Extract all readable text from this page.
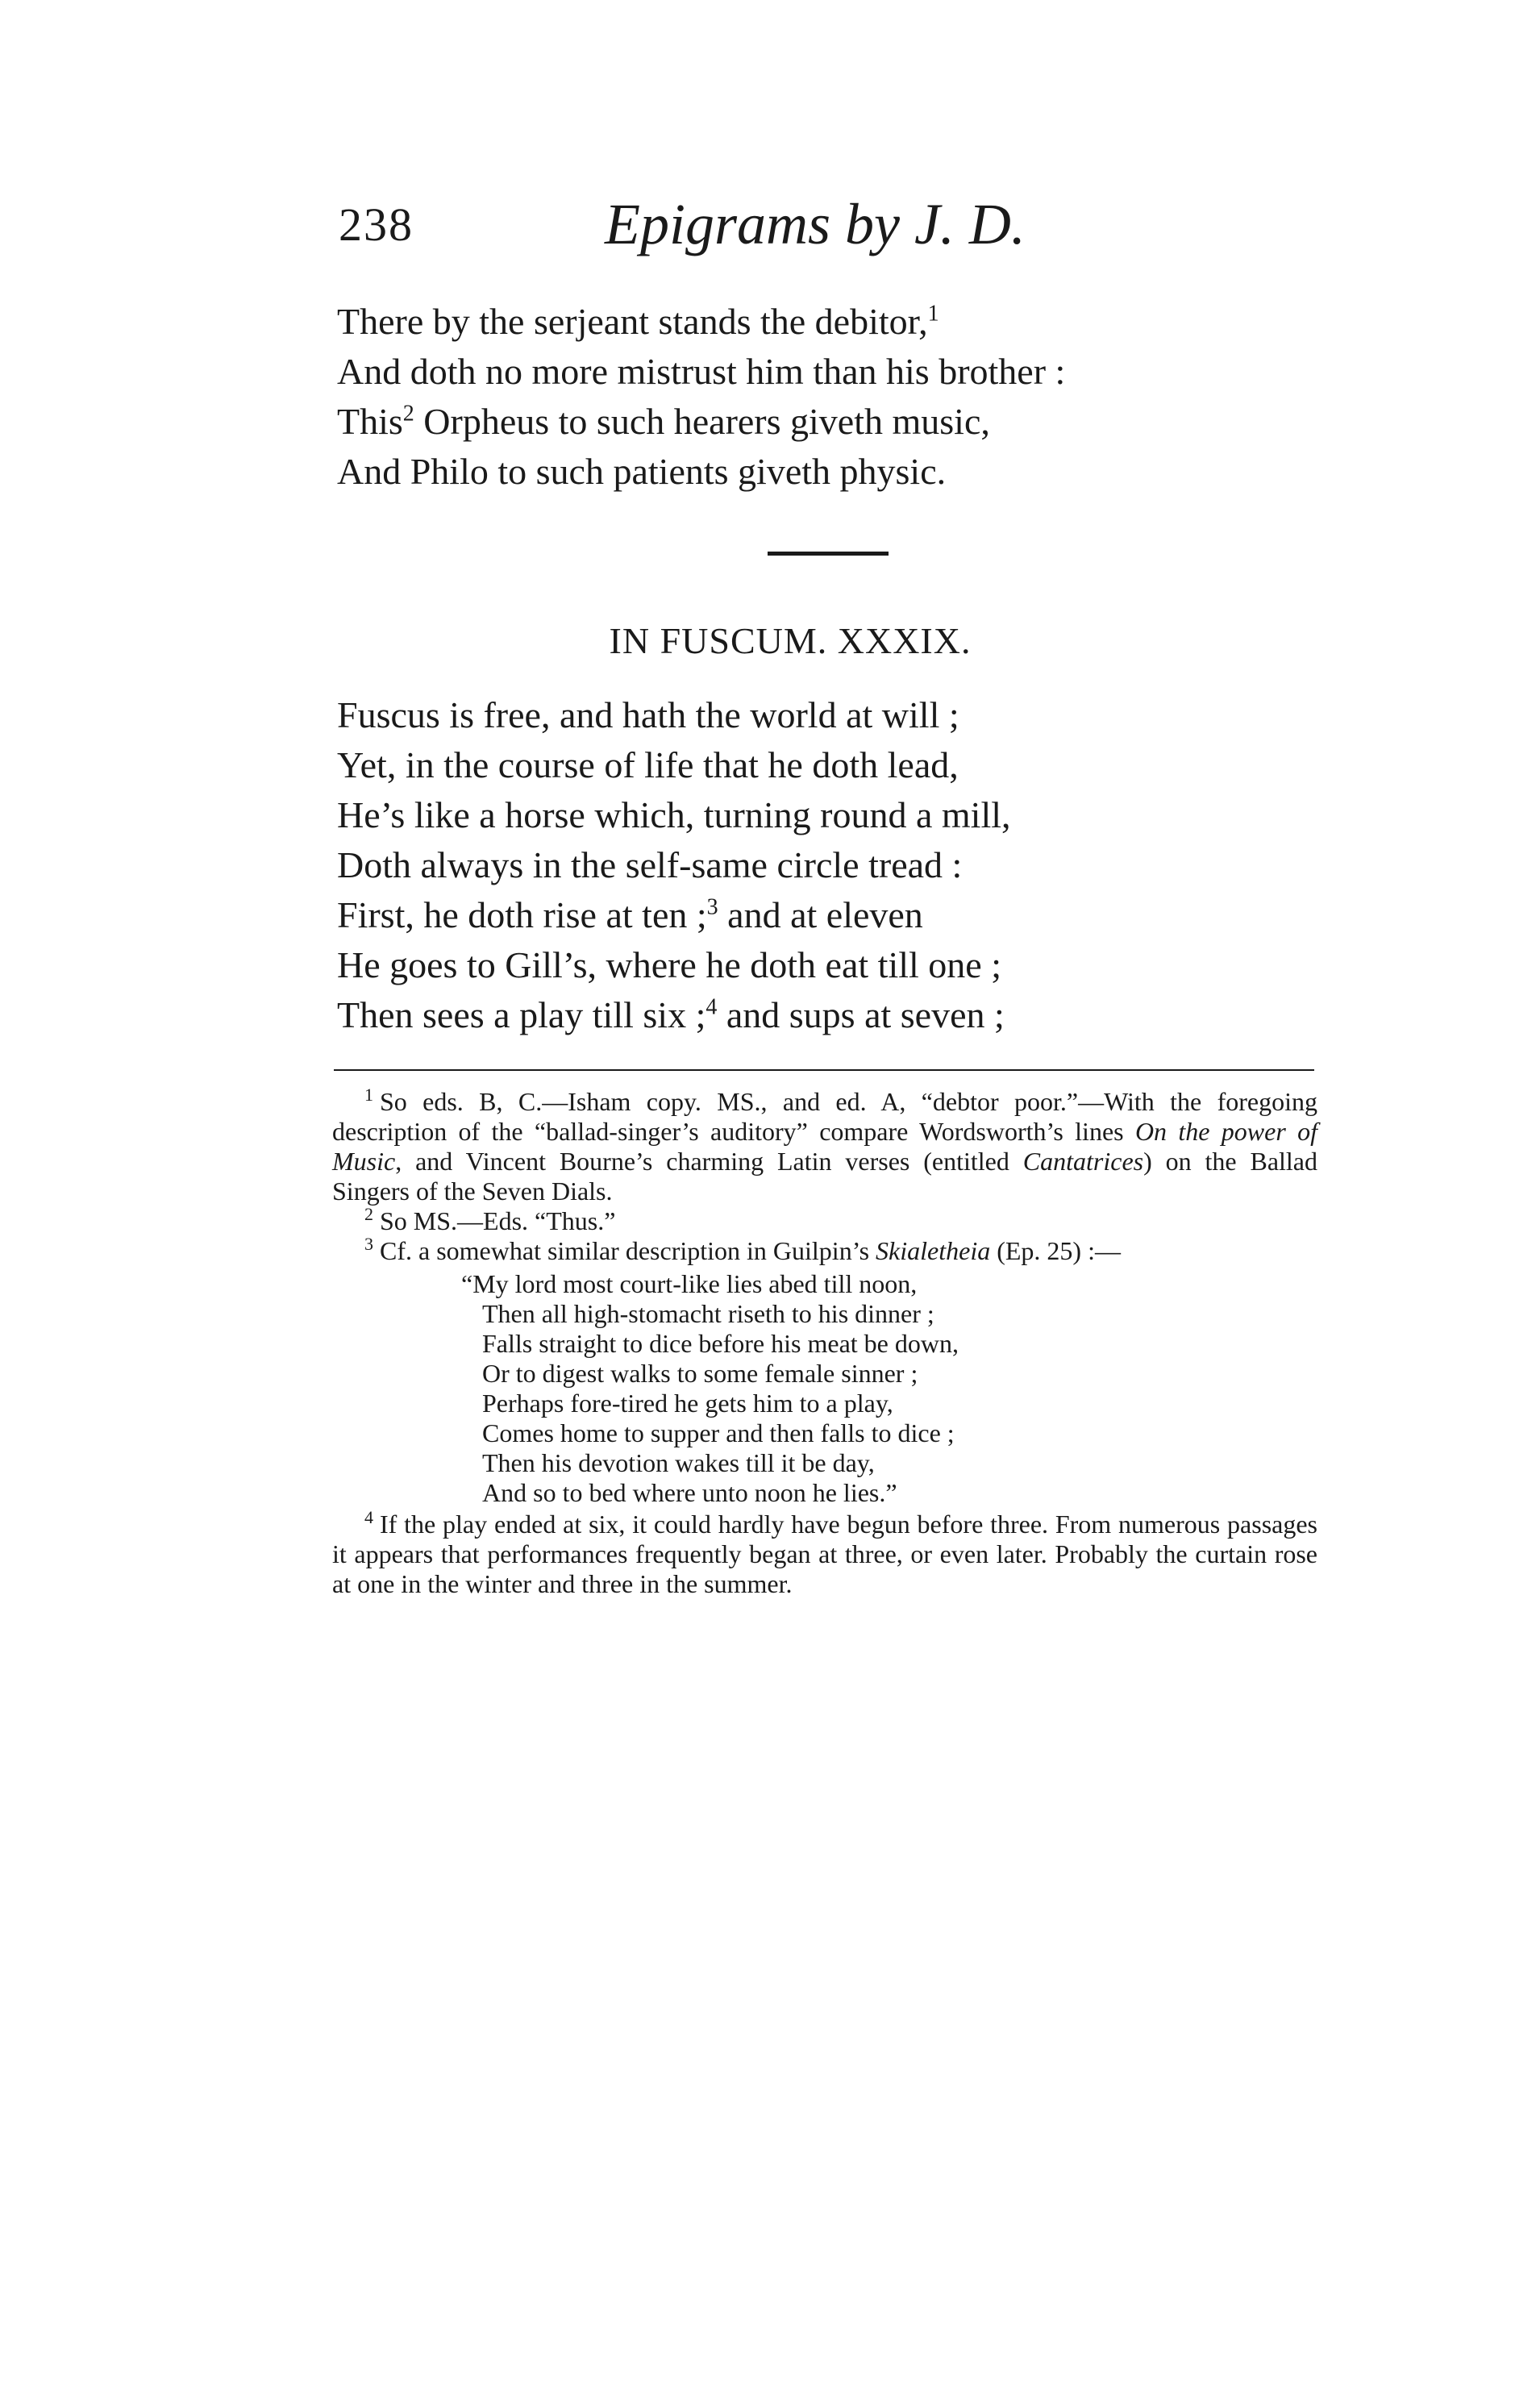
238	Epigrams by J. D.
There by the serjeant stands the debitor,$^1$
And doth no more mistrust him than his brother :
This$^2$ Orpheus to such hearers giveth music,
And Philo to such patients giveth physic.
IN FUSCUM. XXXIX.
Fuscus is free, and hath the world at will ;
Yet, in the course of life that he doth lead,
He’s like a horse which, turning round a mill,
Doth always in the self-same circle tread :
First, he doth rise at ten ;$^3$ and at eleven
He goes to Gill’s, where he doth eat till one ;
Then sees a play till six ;$^4$ and sups at seven ;

$^1$ So eds. B, C.—Isham copy. MS., and ed. A, “debtor poor.”—With the foregoing description of the “ballad-singer’s auditory” compare Wordsworth’s lines On the power of Music, and Vincent Bourne’s charming Latin verses (entitled Cantatrices) on the Ballad Singers of the Seven Dials.

$^2$ So MS.—Eds. “Thus.”

$^3$ Cf. a somewhat similar description in Guilpin’s Skialetheia (Ep. 25) :—

“My lord most court-like lies abed till noon,
Then all high-stomacht riseth to his dinner ;
Falls straight to dice before his meat be down,
Or to digest walks to some female sinner ;
Perhaps fore-tired he gets him to a play,
Comes home to supper and then falls to dice ;
Then his devotion wakes till it be day,
And so to bed where unto noon he lies.”

$^4$ If the play ended at six, it could hardly have begun before three. From numerous passages it appears that performances frequently began at three, or even later. Probably the curtain rose at one in the winter and three in the summer.
